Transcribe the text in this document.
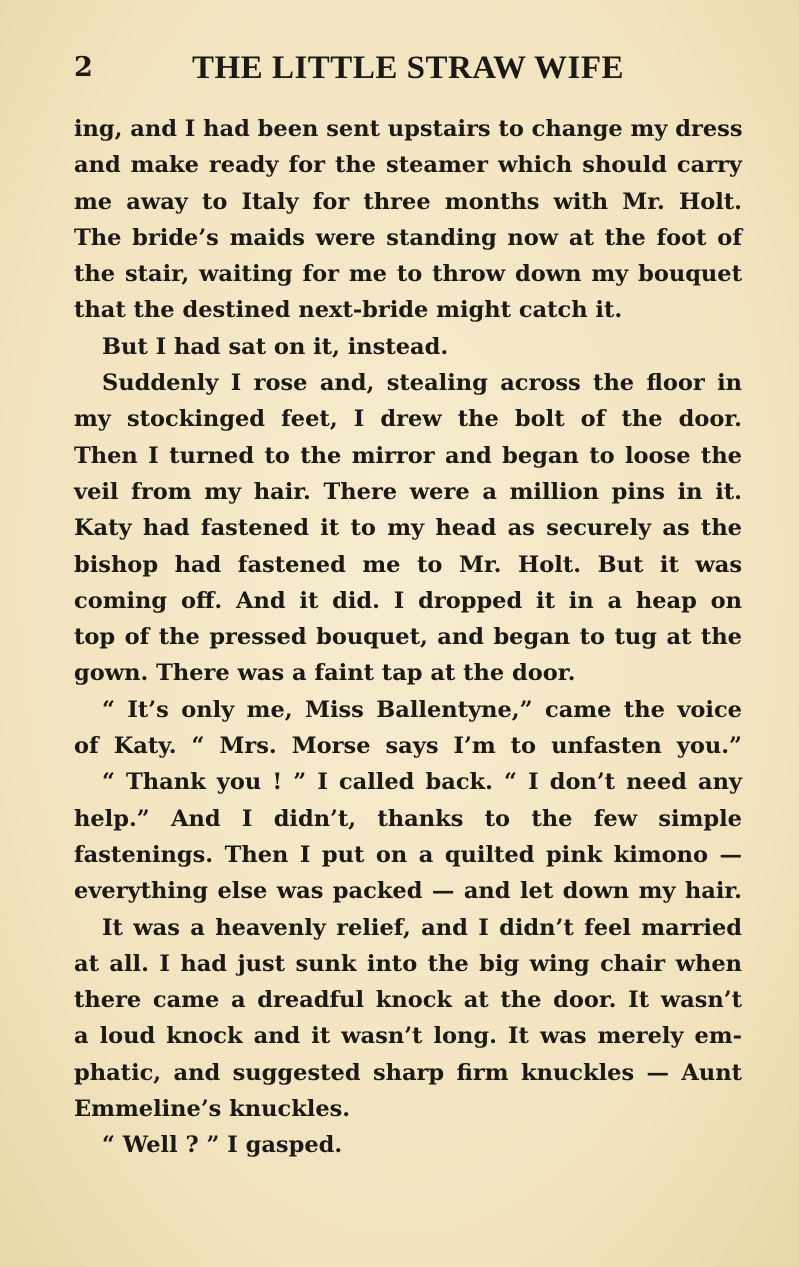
2	THE LITTLE STRAW WIFE
ing, and I had been sent upstairs to change my dress
and make ready for the steamer which should carry
me away to Italy for three months with Mr. Holt.
The bride’s maids were standing now at the foot of
the stair, waiting for me to throw down my bouquet
that the destined next-bride might catch it.
But I had sat on it, instead.
Suddenly I rose and, stealing across the floor in
my stockinged feet, I drew the bolt of the door.
Then I turned to the mirror and began to loose the
veil from my hair. There were a million pins in it.
Katy had fastened it to my head as securely as the
bishop had fastened me to Mr. Holt. But it was
coming off. And it did. I dropped it in a heap on
top of the pressed bouquet, and began to tug at the
gown. There was a faint tap at the door.
“ It’s only me, Miss Ballentyne,” came the voice
of Katy. “ Mrs. Morse says I’m to unfasten you.”
“ Thank you ! ” I called back. “ I don’t need any
help.” And I didn’t, thanks to the few simple
fastenings. Then I put on a quilted pink kimono —
everything else was packed — and let down my hair.
It was a heavenly relief, and I didn’t feel married
at all. I had just sunk into the big wing chair when
there came a dreadful knock at the door. It wasn’t
a loud knock and it wasn’t long. It was merely em-
phatic, and suggested sharp firm knuckles — Aunt
Emmeline’s knuckles.
“ Well ? ” I gasped.
